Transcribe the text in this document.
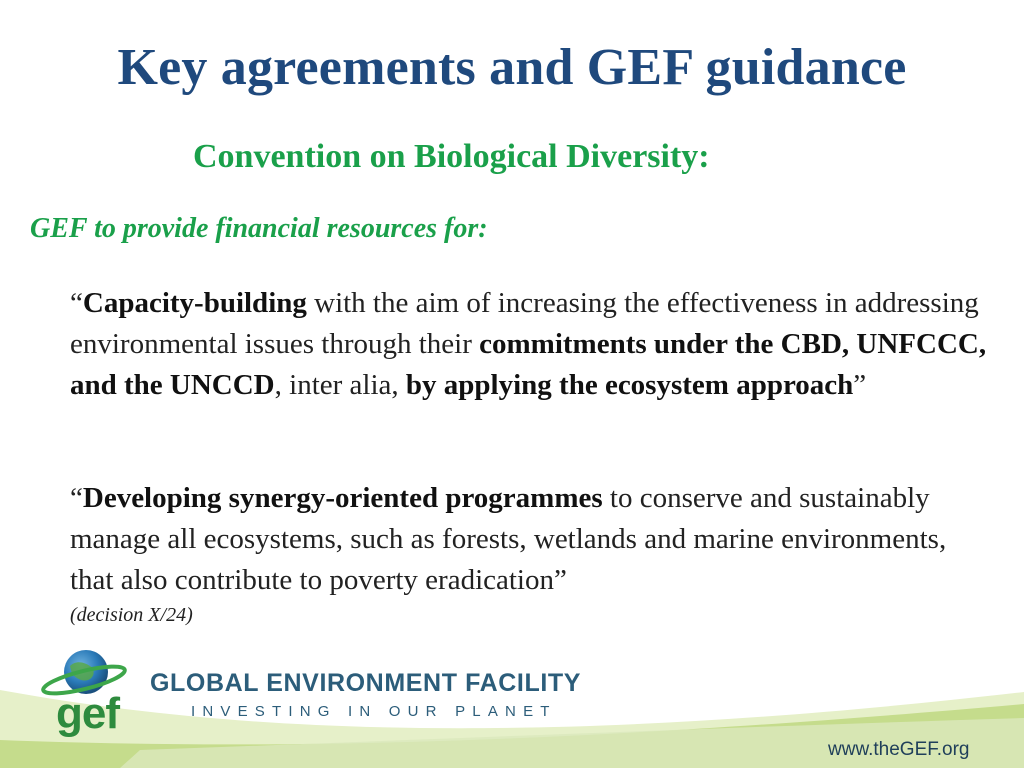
Key agreements and GEF guidance
Convention on Biological Diversity:

GEF to provide financial resources for:

“Capacity-building with the aim of increasing the effectiveness in addressing environmental issues through their commitments under the CBD, UNFCCC, and the UNCCD, inter alia, by applying the ecosystem approach”

“Developing synergy-oriented programmes to conserve and sustainably manage all ecosystems, such as forests, wetlands and marine environments, that also contribute to poverty eradication”

(decision X/24)
gef
GLOBAL ENVIRONMENT FACILITY
INVESTING IN OUR PLANET
www.theGEF.org
